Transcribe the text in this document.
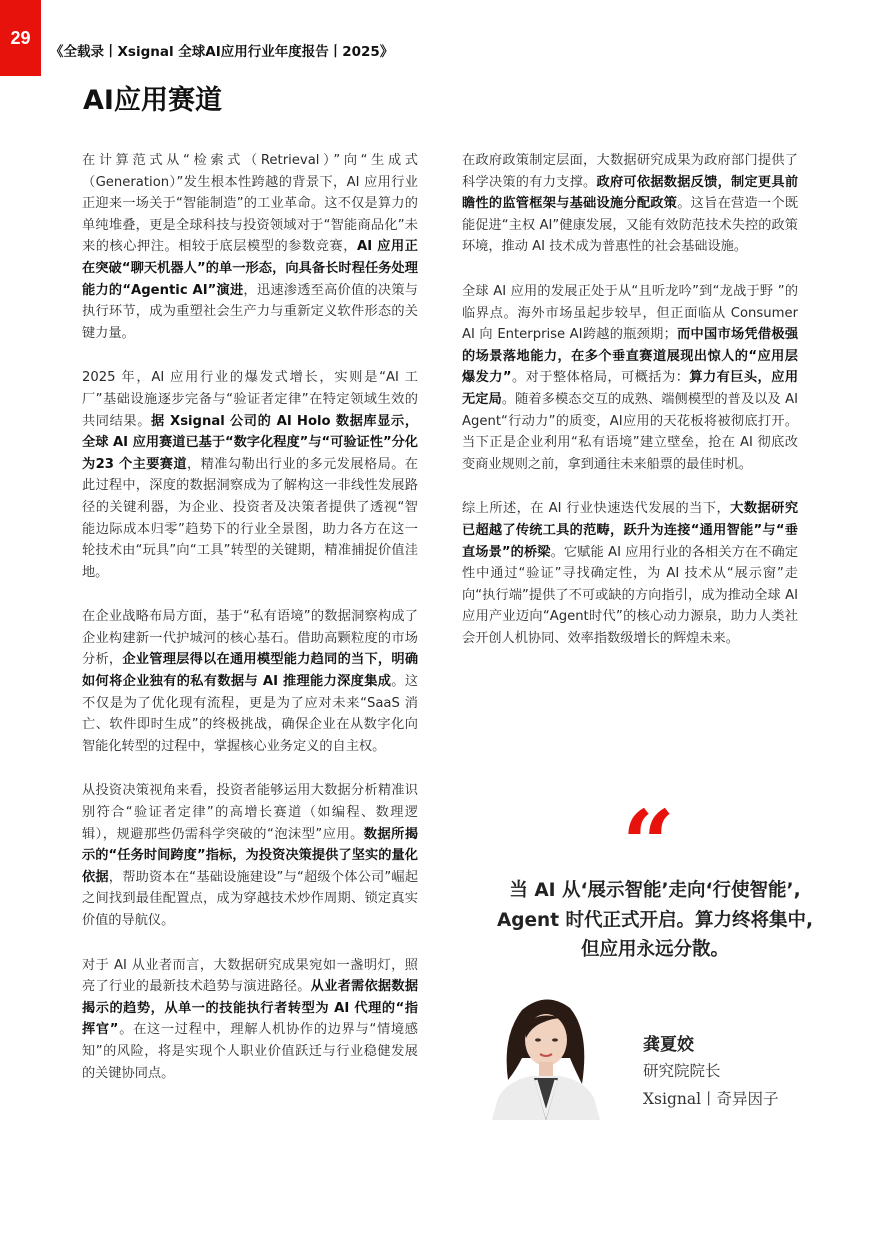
29
《全载录丨Xsignal 全球AI应用行业年度报告丨2025》
AI应用赛道

在计算范式从“检索式（Retrieval）”向“生成式（Generation）”发生根本性跨越的背景下，AI 应用行业正迎来一场关于“智能制造”的工业革命。这不仅是算力的单纯堆叠，更是全球科技与投资领域对于“智能商品化”未来的核心押注。相较于底层模型的参数竞赛，AI 应用正在突破“聊天机器人”的单一形态，向具备长时程任务处理能力的“Agentic AI”演进，迅速渗透至高价值的决策与执行环节，成为重塑社会生产力与重新定义软件形态的关键力量。

2025 年，AI 应用行业的爆发式增长，实则是“AI 工厂”基础设施逐步完备与“验证者定律”在特定领域生效的共同结果。据 Xsignal 公司的 AI Holo 数据库显示，全球 AI 应用赛道已基于“数字化程度”与“可验证性”分化为23 个主要赛道，精准勾勒出行业的多元发展格局。在此过程中，深度的数据洞察成为了解构这一非线性发展路径的关键利器，为企业、投资者及决策者提供了透视“智能边际成本归零”趋势下的行业全景图，助力各方在这一轮技术由“玩具”向“工具”转型的关键期，精准捕捉价值洼地。

在企业战略布局方面，基于“私有语境”的数据洞察构成了企业构建新一代护城河的核心基石。借助高颗粒度的市场分析，企业管理层得以在通用模型能力趋同的当下，明确如何将企业独有的私有数据与 AI 推理能力深度集成。这不仅是为了优化现有流程，更是为了应对未来“SaaS 消亡、软件即时生成”的终极挑战，确保企业在从数字化向智能化转型的过程中，掌握核心业务定义的自主权。

从投资决策视角来看，投资者能够运用大数据分析精准识别符合“验证者定律”的高增长赛道（如编程、数理逻辑），规避那些仍需科学突破的“泡沫型”应用。数据所揭示的“任务时间跨度”指标，为投资决策提供了坚实的量化依据，帮助资本在“基础设施建设”与“超级个体公司”崛起之间找到最佳配置点，成为穿越技术炒作周期、锁定真实价值的导航仪。

对于 AI 从业者而言，大数据研究成果宛如一盏明灯，照亮了行业的最新技术趋势与演进路径。从业者需依据数据揭示的趋势，从单一的技能执行者转型为 AI 代理的“指挥官”。在这一过程中，理解人机协作的边界与“情境感知”的风险，将是实现个人职业价值跃迁与行业稳健发展的关键协同点。

在政府政策制定层面，大数据研究成果为政府部门提供了科学决策的有力支撑。政府可依据数据反馈，制定更具前瞻性的监管框架与基础设施分配政策。这旨在营造一个既能促进“主权 AI”健康发展，又能有效防范技术失控的政策环境，推动 AI 技术成为普惠性的社会基础设施。

全球 AI 应用的发展正处于从“且听龙吟”到“龙战于野 ”的临界点。海外市场虽起步较早，但正面临从 Consumer AI 向 Enterprise AI跨越的瓶颈期；而中国市场凭借极强的场景落地能力，在多个垂直赛道展现出惊人的“应用层爆发力”。对于整体格局，可概括为：算力有巨头，应用无定局。随着多模态交互的成熟、端侧模型的普及以及 AI Agent“行动力”的质变，AI应用的天花板将被彻底打开。当下正是企业利用“私有语境”建立壁垒，抢在 AI 彻底改变商业规则之前，拿到通往未来船票的最佳时机。

综上所述，在 AI 行业快速迭代发展的当下，大数据研究已超越了传统工具的范畴，跃升为连接“通用智能”与“垂直场景”的桥梁。它赋能 AI 应用行业的各相关方在不确定性中通过“验证”寻找确定性，为 AI 技术从“展示窗”走向“执行端”提供了不可或缺的方向指引，成为推动全球 AI 应用产业迈向“Agent时代”的核心动力源泉，助力人类社会开创人机协同、效率指数级增长的辉煌未来。

“
当 AI 从‘展示智能’走向‘行使智能’,
Agent 时代正式开启。算力终将集中,
但应用永远分散。
龚夏姣
研究院院长
Xsignal丨奇异因子
